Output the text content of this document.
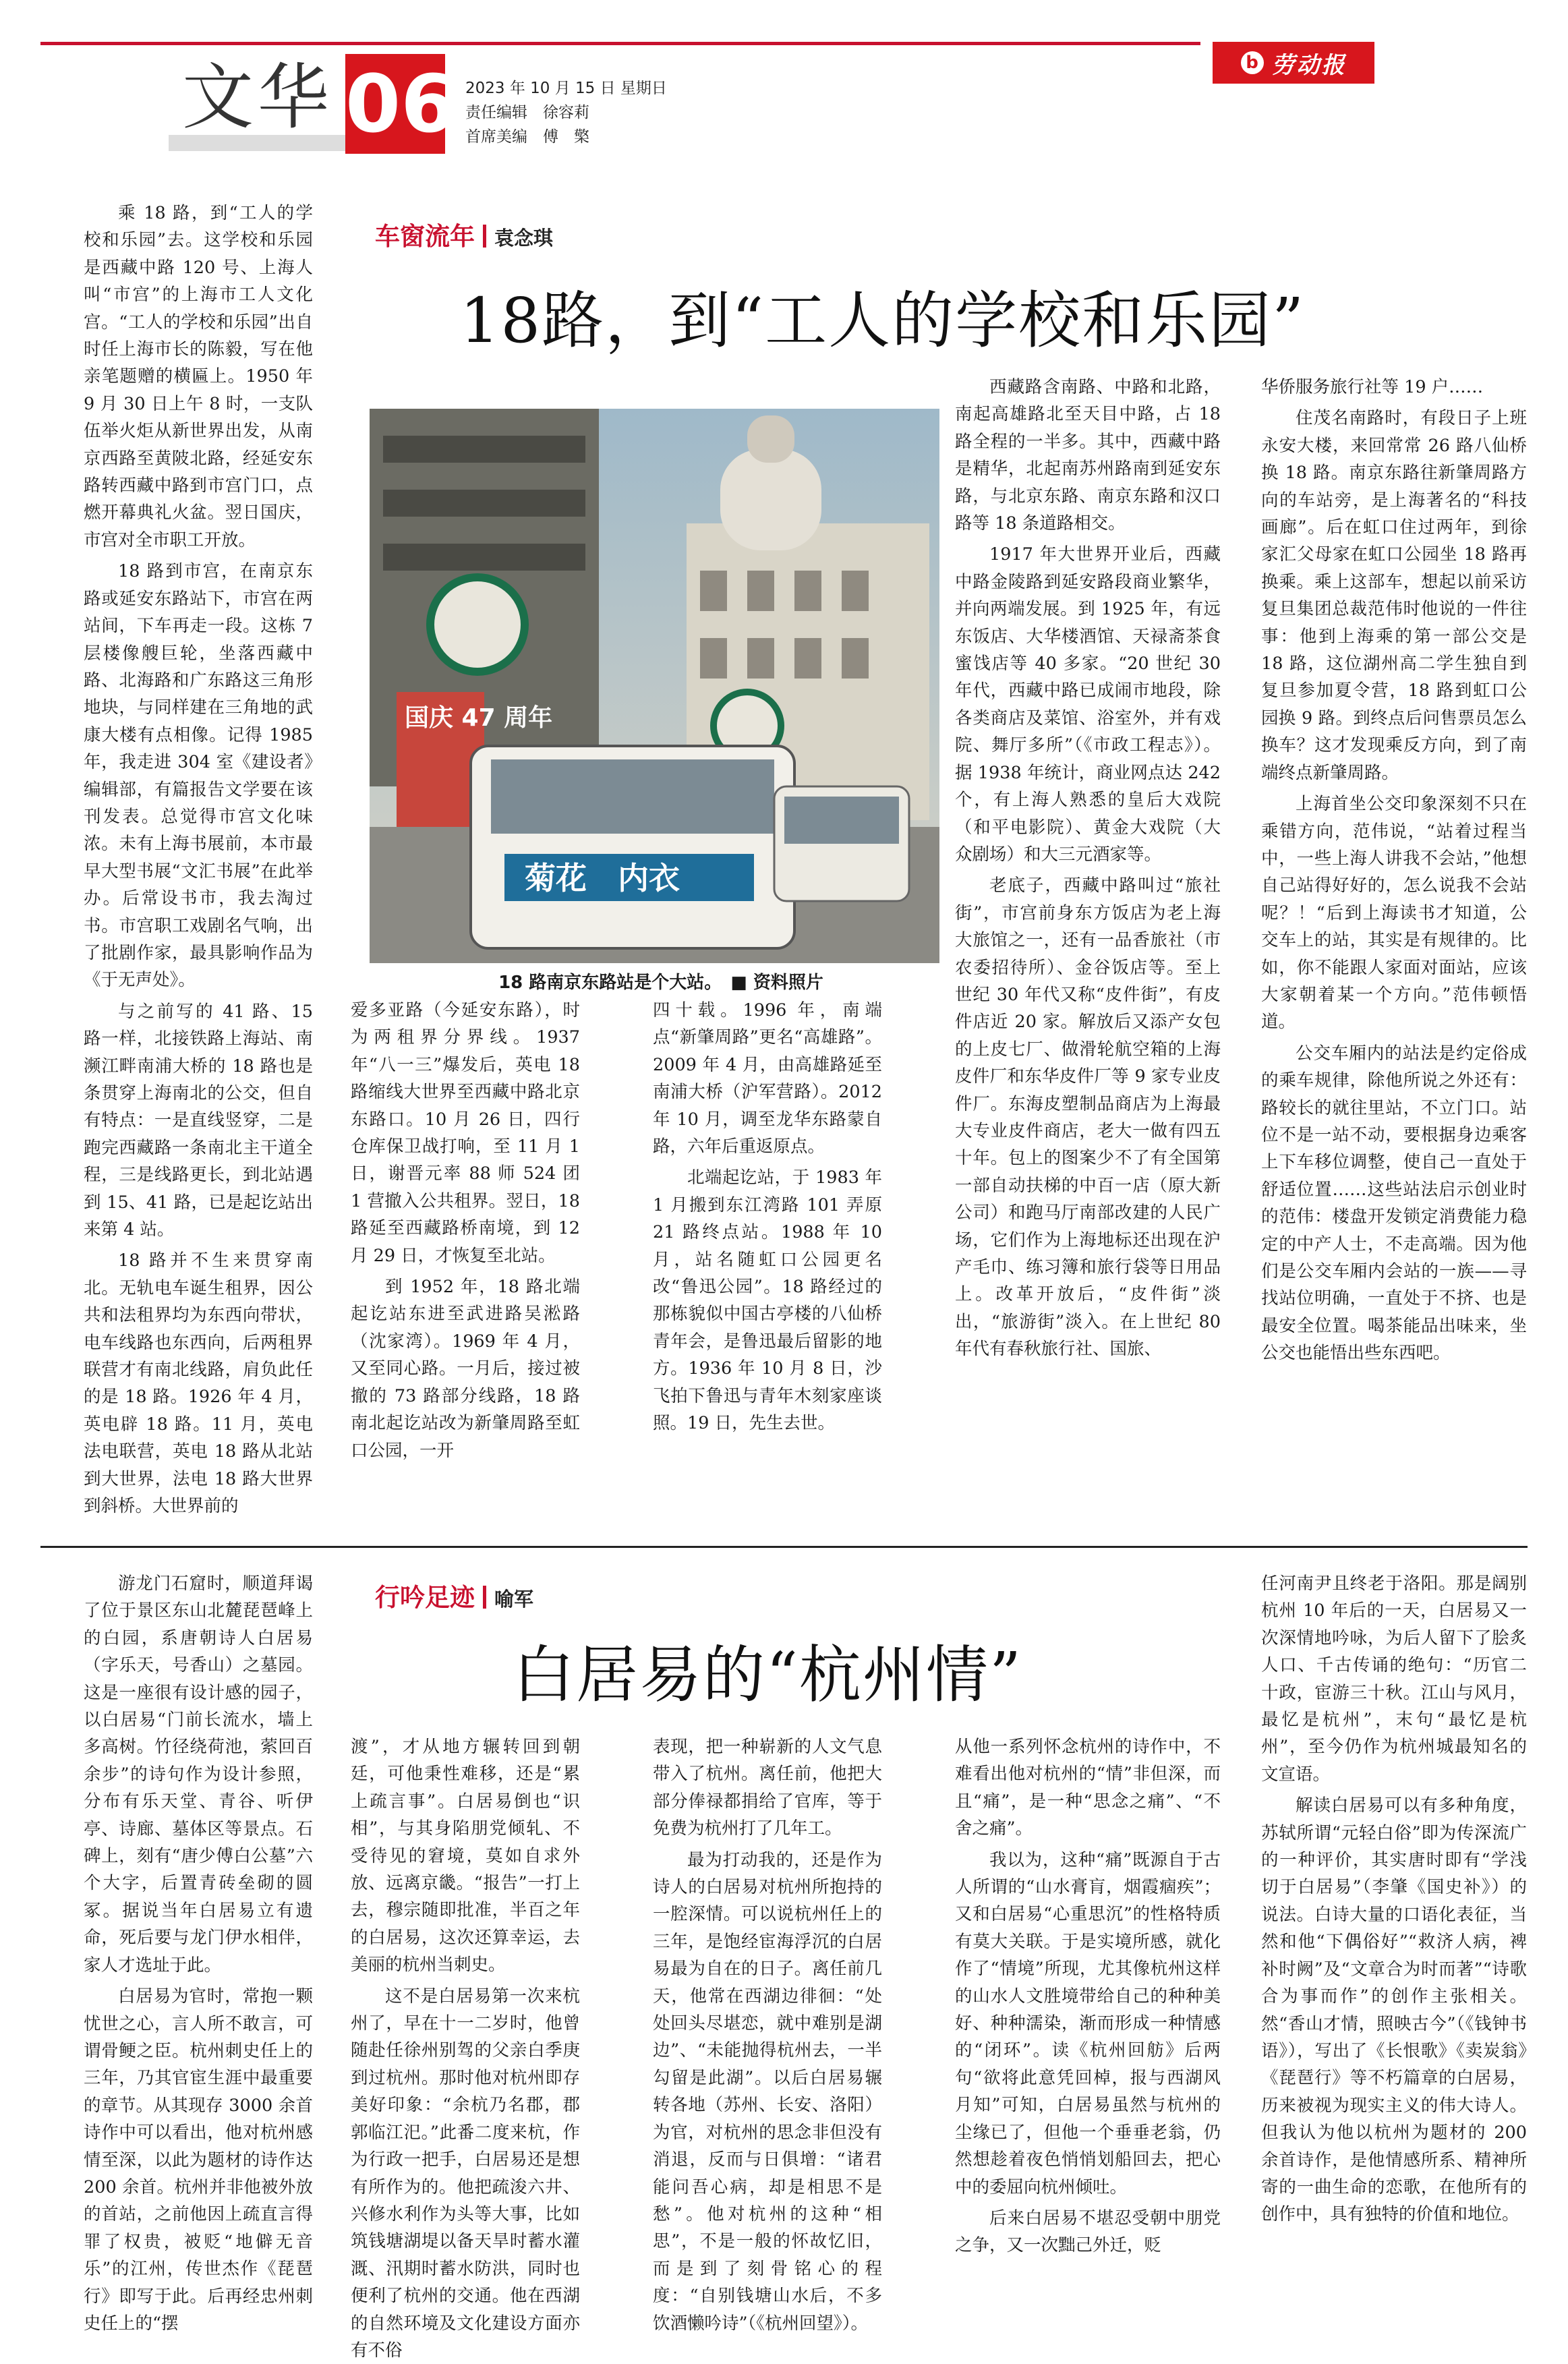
文华 06 2023 年 10 月 15 日 星期日
责任编辑　徐容莉
首席美编　傅　檠
b 劳动报
车窗流年 袁念琪
18路，到“工人的学校和乐园”

乘 18 路，到“工人的学校和乐园”去。这学校和乐园是西藏中路 120 号、上海人叫“市宫”的上海市工人文化宫。“工人的学校和乐园”出自时任上海市长的陈毅，写在他亲笔题赠的横匾上。1950 年 9 月 30 日上午 8 时，一支队伍举火炬从新世界出发，从南京西路至黄陂北路，经延安东路转西藏中路到市宫门口，点燃开幕典礼火盆。翌日国庆，市宫对全市职工开放。

18 路到市宫，在南京东路或延安东路站下，市宫在两站间，下车再走一段。这栋 7 层楼像艘巨轮，坐落西藏中路、北海路和广东路这三角形地块，与同样建在三角地的武康大楼有点相像。记得 1985 年，我走进 304 室《建设者》编辑部，有篇报告文学要在该刊发表。总觉得市宫文化味浓。未有上海书展前，本市最早大型书展“文汇书展”在此举办。后常设书市，我去淘过书。市宫职工戏剧名气响，出了批剧作家，最具影响作品为《于无声处》。

与之前写的 41 路、15 路一样，北接铁路上海站、南濒江畔南浦大桥的 18 路也是条贯穿上海南北的公交，但自有特点：一是直线竖穿，二是跑完西藏路一条南北主干道全程，三是线路更长，到北站遇到 15、41 路，已是起讫站出来第 4 站。

18 路并不生来贯穿南北。无轨电车诞生租界，因公共和法租界均为东西向带状，电车线路也东西向，后两租界联营才有南北线路，肩负此任的是 18 路。1926 年 4 月，英电辟 18 路。11 月，英电法电联营，英电 18 路从北站到大世界，法电 18 路大世界到斜桥。大世界前的

国庆 47 周年
菊花　内衣
18 路南京东路站是个大站。　■ 资料照片

爱多亚路（今延安东路），时为两租界分界线。1937 年“八一三”爆发后，英电 18 路缩线大世界至西藏中路北京东路口。10 月 26 日，四行仓库保卫战打响，至 11 月 1 日，谢晋元率 88 师 524 团 1 营撤入公共租界。翌日，18 路延至西藏路桥南境，到 12 月 29 日，才恢复至北站。

到 1952 年，18 路北端起讫站东进至武进路吴淞路（沈家湾）。1969 年 4 月，又至同心路。一月后，接过被撤的 73 路部分线路，18 路南北起讫站改为新肇周路至虹口公园，一开

四十载。1996 年，南端点“新肇周路”更名“高雄路”。2009 年 4 月，由高雄路延至南浦大桥（沪军营路）。2012 年 10 月，调至龙华东路蒙自路，六年后重返原点。

北端起讫站，于 1983 年 1 月搬到东江湾路 101 弄原 21 路终点站。1988 年 10 月，站名随虹口公园更名改“鲁迅公园”。18 路经过的那栋貌似中国古亭楼的八仙桥青年会，是鲁迅最后留影的地方。1936 年 10 月 8 日，沙飞拍下鲁迅与青年木刻家座谈照。19 日，先生去世。

西藏路含南路、中路和北路，南起高雄路北至天目中路，占 18 路全程的一半多。其中，西藏中路是精华，北起南苏州路南到延安东路，与北京东路、南京东路和汉口路等 18 条道路相交。

1917 年大世界开业后，西藏中路金陵路到延安路段商业繁华，并向两端发展。到 1925 年，有远东饭店、大华楼酒馆、天禄斋茶食蜜饯店等 40 多家。“20 世纪 30 年代，西藏中路已成闹市地段，除各类商店及菜馆、浴室外，并有戏院、舞厅多所”（《市政工程志》）。据 1938 年统计，商业网点达 242 个，有上海人熟悉的皇后大戏院（和平电影院）、黄金大戏院（大众剧场）和大三元酒家等。

老底子，西藏中路叫过“旅社街”，市宫前身东方饭店为老上海大旅馆之一，还有一品香旅社（市农委招待所）、金谷饭店等。至上世纪 30 年代又称“皮件街”，有皮件店近 20 家。解放后又添产女包的上皮七厂、做滑轮航空箱的上海皮件厂和东华皮件厂等 9 家专业皮件厂。东海皮塑制品商店为上海最大专业皮件商店，老大一做有四五十年。包上的图案少不了有全国第一部自动扶梯的中百一店（原大新公司）和跑马厅南部改建的人民广场，它们作为上海地标还出现在沪产毛巾、练习簿和旅行袋等日用品上。改革开放后，“皮件街”淡出，“旅游街”淡入。在上世纪 80 年代有春秋旅行社、国旅、

华侨服务旅行社等 19 户……

住茂名南路时，有段日子上班永安大楼，来回常常 26 路八仙桥换 18 路。南京东路往新肇周路方向的车站旁，是上海著名的“科技画廊”。后在虹口住过两年，到徐家汇父母家在虹口公园坐 18 路再换乘。乘上这部车，想起以前采访复旦集团总裁范伟时他说的一件往事：他到上海乘的第一部公交是 18 路，这位湖州高二学生独自到复旦参加夏令营，18 路到虹口公园换 9 路。到终点后问售票员怎么换车？这才发现乘反方向，到了南端终点新肇周路。

上海首坐公交印象深刻不只在乘错方向，范伟说，“站着过程当中，一些上海人讲我不会站，”他想自己站得好好的，怎么说我不会站呢？！“后到上海读书才知道，公交车上的站，其实是有规律的。比如，你不能跟人家面对面站，应该大家朝着某一个方向。”范伟顿悟道。

公交车厢内的站法是约定俗成的乘车规律，除他所说之外还有：路较长的就往里站，不立门口。站位不是一站不动，要根据身边乘客上下车移位调整，使自己一直处于舒适位置……这些站法启示创业时的范伟：楼盘开发锁定消费能力稳定的中产人士，不走高端。因为他们是公交车厢内会站的一族——寻找站位明确，一直处于不挤、也是最安全位置。喝茶能品出味来，坐公交也能悟出些东西吧。

行吟足迹 喻军
白居易的“杭州情”

游龙门石窟时，顺道拜谒了位于景区东山北麓琵琶峰上的白园，系唐朝诗人白居易（字乐天，号香山）之墓园。这是一座很有设计感的园子，以白居易“门前长流水，墙上多高树。竹径绕荷池，萦回百余步”的诗句作为设计参照，分布有乐天堂、青谷、听伊亭、诗廊、墓体区等景点。石碑上，刻有“唐少傅白公墓”六个大字，后置青砖垒砌的圆冢。据说当年白居易立有遗命，死后要与龙门伊水相伴，家人才选址于此。

白居易为官时，常抱一颗忧世之心，言人所不敢言，可谓骨鲠之臣。杭州刺史任上的三年，乃其官宦生涯中最重要的章节。从其现存 3000 余首诗作中可以看出，他对杭州感情至深，以此为题材的诗作达 200 余首。杭州并非他被外放的首站，之前他因上疏直言得罪了权贵，被贬“地僻无音乐”的江州，传世杰作《琵琶行》即写于此。后再经忠州刺史任上的“摆

渡”，才从地方辗转回到朝廷，可他秉性难移，还是“累上疏言事”。白居易倒也“识相”，与其身陷朋党倾轧、不受待见的窘境，莫如自求外放、远离京畿。“报告”一打上去，穆宗随即批准，半百之年的白居易，这次还算幸运，去美丽的杭州当刺史。

这不是白居易第一次来杭州了，早在十一二岁时，他曾随赴任徐州别驾的父亲白季庚到过杭州。那时他对杭州即存美好印象：“余杭乃名郡，郡郭临江汜。”此番二度来杭，作为行政一把手，白居易还是想有所作为的。他把疏浚六井、兴修水利作为头等大事，比如筑钱塘湖堤以备天旱时蓄水灌溉、汛期时蓄水防洪，同时也便利了杭州的交通。他在西湖的自然环境及文化建设方面亦有不俗

表现，把一种崭新的人文气息带入了杭州。离任前，他把大部分俸禄都捐给了官库，等于免费为杭州打了几年工。

最为打动我的，还是作为诗人的白居易对杭州所抱持的一腔深情。可以说杭州任上的三年，是饱经宦海浮沉的白居易最为自在的日子。离任前几天，他常在西湖边徘徊：“处处回头尽堪恋，就中难别是湖边”、“未能抛得杭州去，一半勾留是此湖”。以后白居易辗转各地（苏州、长安、洛阳）为官，对杭州的思念非但没有消退，反而与日俱增：“诸君能问吾心病，却是相思不是愁”。他对杭州的这种“相思”，不是一般的怀故忆旧，而是到了刻骨铭心的程度：“自别钱塘山水后，不多饮酒懒吟诗”（《杭州回望》）。

从他一系列怀念杭州的诗作中，不难看出他对杭州的“情”非但深，而且“痛”，是一种“思念之痛”、“不舍之痛”。

我以为，这种“痛”既源自于古人所谓的“山水膏肓，烟霞痼疾”；又和白居易“心重思沉”的性格特质有莫大关联。于是实境所感，就化作了“情境”所现，尤其像杭州这样的山水人文胜境带给自己的种种美好、种种濡染，渐而形成一种情感的“闭环”。读《杭州回舫》后两句“欲将此意凭回棹，报与西湖风月知”可知，白居易虽然与杭州的尘缘已了，但他一个垂垂老翁，仍然想趁着夜色悄悄划船回去，把心中的委屈向杭州倾吐。

后来白居易不堪忍受朝中朋党之争，又一次黜己外迁，贬

任河南尹且终老于洛阳。那是阔别杭州 10 年后的一天，白居易又一次深情地吟咏，为后人留下了脍炙人口、千古传诵的绝句：“历官二十政，宦游三十秋。江山与风月，最忆是杭州”，末句“最忆是杭州”，至今仍作为杭州城最知名的文宣语。

解读白居易可以有多种角度，苏轼所谓“元轻白俗”即为传深流广的一种评价，其实唐时即有“学浅切于白居易”（李肇《国史补》）的说法。白诗大量的口语化表征，当然和他“下偶俗好”“救济人病，裨补时阙”及“文章合为时而著”“诗歌合为事而作”的创作主张相关。然“香山才情，照映古今”（《钱钟书语》），写出了《长恨歌》《卖炭翁》《琵琶行》等不朽篇章的白居易，历来被视为现实主义的伟大诗人。但我认为他以杭州为题材的 200 余首诗作，是他情感所系、精神所寄的一曲生命的恋歌，在他所有的创作中，具有独特的价值和地位。
